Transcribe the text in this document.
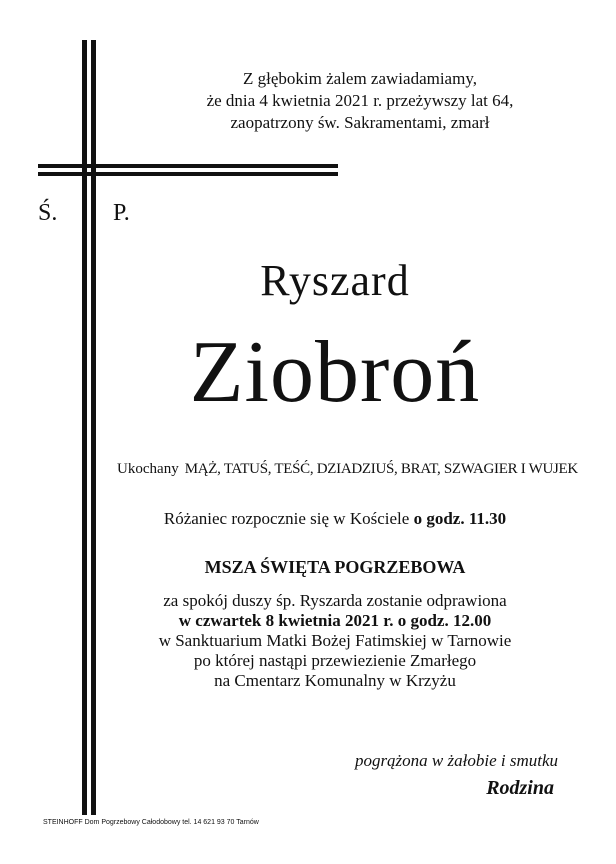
Z głębokim żalem zawiadamiamy,
że dnia 4 kwietnia 2021 r. przeżywszy lat 64,
zaopatrzony św. Sakramentami, zmarł
Ś. P.
Ryszard
Ziobroń
Ukochany MĄŻ, TATUŚ, TEŚĆ, DZIADZIUŚ, BRAT, SZWAGIER I WUJEK
Różaniec rozpocznie się w Kościele o godz. 11.30
MSZA ŚWIĘTA POGRZEBOWA
za spokój duszy śp. Ryszarda zostanie odprawiona
w czwartek 8 kwietnia 2021 r. o godz. 12.00
w Sanktuarium Matki Bożej Fatimskiej w Tarnowie
po której nastąpi przewiezienie Zmarłego
na Cmentarz Komunalny w Krzyżu
pogrążona w żałobie i smutku
Rodzina
STEINHOFF Dom Pogrzebowy Całodobowy tel. 14 621 93 70 Tarnów
